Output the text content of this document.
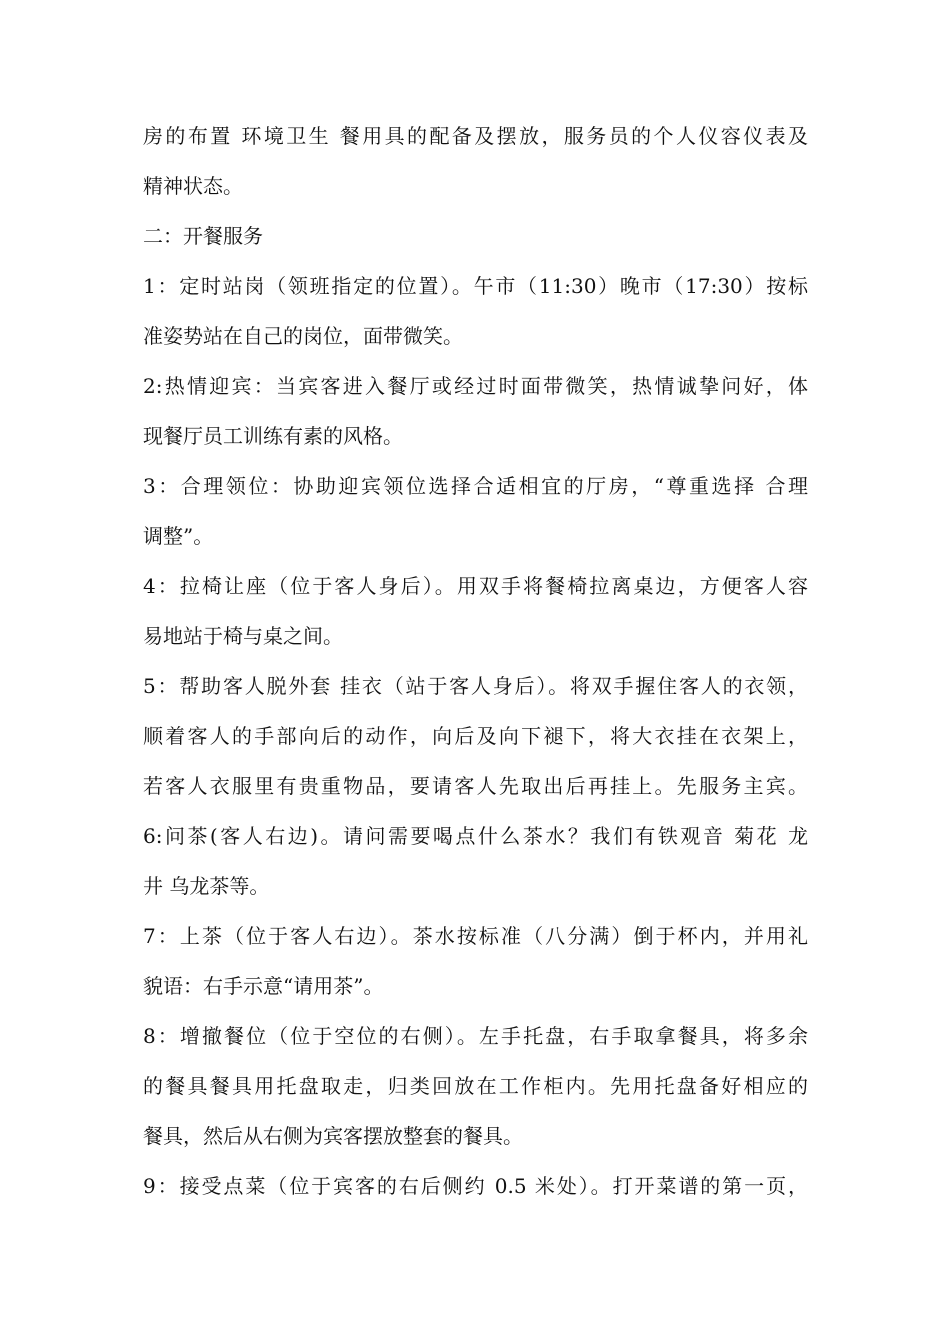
房的布置 环境卫生 餐用具的配备及摆放，服务员的个人仪容仪表及
精神状态。
二：开餐服务
1：定时站岗（领班指定的位置）。午市（11:30）晚市（17:30）按标
准姿势站在自己的岗位，面带微笑。
2:热情迎宾：当宾客进入餐厅或经过时面带微笑，热情诚挚问好，体
现餐厅员工训练有素的风格。
3：合理领位：协助迎宾领位选择合适相宜的厅房，“尊重选择 合理
调整”。
4：拉椅让座（位于客人身后）。用双手将餐椅拉离桌边，方便客人容
易地站于椅与桌之间。
5：帮助客人脱外套 挂衣（站于客人身后）。将双手握住客人的衣领，
顺着客人的手部向后的动作，向后及向下褪下，将大衣挂在衣架上，
若客人衣服里有贵重物品，要请客人先取出后再挂上。先服务主宾。
6:问茶(客人右边)。请问需要喝点什么茶水？我们有铁观音 菊花 龙
井 乌龙茶等。
7：上茶（位于客人右边）。茶水按标准（八分满）倒于杯内，并用礼
貌语：右手示意“请用茶”。
8：增撤餐位（位于空位的右侧）。左手托盘，右手取拿餐具，将多余
的餐具餐具用托盘取走，归类回放在工作柜内。先用托盘备好相应的
餐具，然后从右侧为宾客摆放整套的餐具。
9：接受点菜（位于宾客的右后侧约 0.5 米处）。打开菜谱的第一页，
